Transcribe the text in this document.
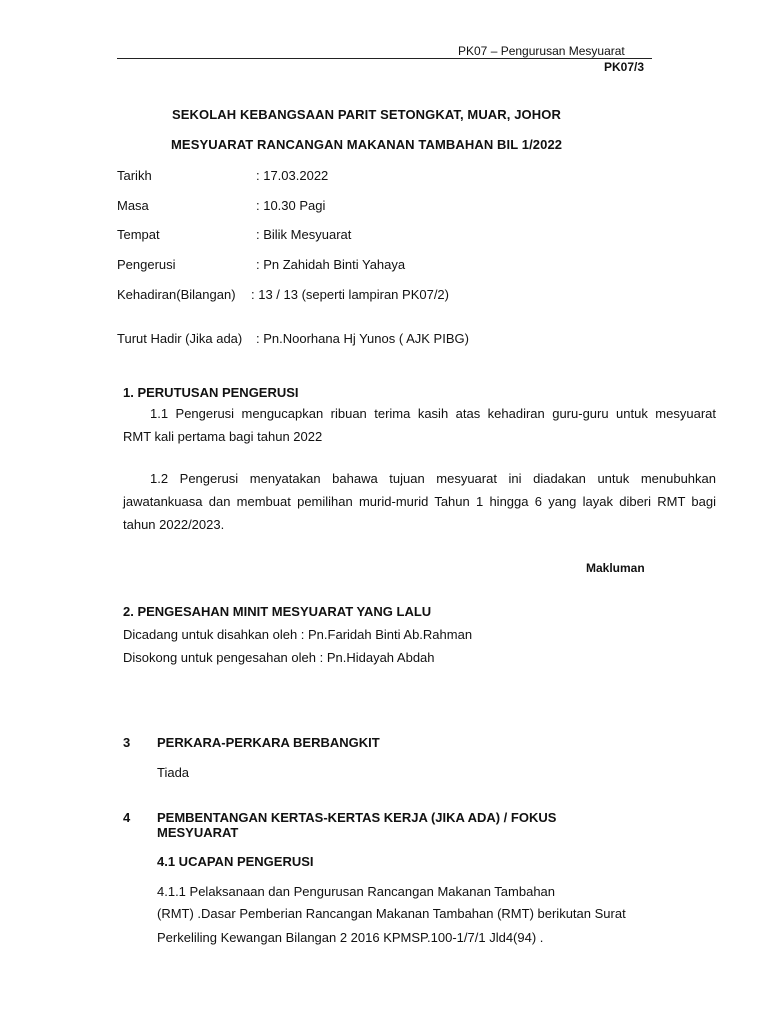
PK07 – Pengurusan Mesyuarat
PK07/3
SEKOLAH KEBANGSAAN PARIT SETONGKAT, MUAR, JOHOR
MESYUARAT RANCANGAN MAKANAN TAMBAHAN BIL 1/2022
Tarikh	: 17.03.2022
Masa	: 10.30 Pagi
Tempat	: Bilik Mesyuarat
Pengerusi	: Pn Zahidah Binti Yahaya
Kehadiran(Bilangan) : 13 / 13 (seperti lampiran PK07/2)
Turut Hadir (Jika ada) : Pn.Noorhana Hj Yunos ( AJK PIBG)
1. PERUTUSAN PENGERUSI
1.1 Pengerusi mengucapkan ribuan terima kasih atas kehadiran guru-guru untuk mesyuarat
RMT kali pertama bagi tahun 2022
1.2 Pengerusi menyatakan bahawa tujuan mesyuarat ini diadakan untuk menubuhkan
jawatankuasa dan membuat pemilihan murid-murid Tahun 1 hingga 6 yang layak diberi RMT bagi
tahun 2022/2023.
Makluman
2. PENGESAHAN MINIT MESYUARAT YANG LALU
Dicadang untuk disahkan oleh : Pn.Faridah Binti Ab.Rahman
Disokong untuk pengesahan oleh : Pn.Hidayah Abdah
3 PERKARA-PERKARA BERBANGKIT
Tiada
4 PEMBENTANGAN KERTAS-KERTAS KERJA (JIKA ADA) / FOKUS
MESYUARAT
4.1 UCAPAN PENGERUSI
4.1.1 Pelaksanaan dan Pengurusan Rancangan Makanan Tambahan
(RMT) .Dasar Pemberian Rancangan Makanan Tambahan (RMT) berikutan Surat
Perkeliling Kewangan Bilangan 2 2016 KPMSP.100-1/7/1 Jld4(94) .
